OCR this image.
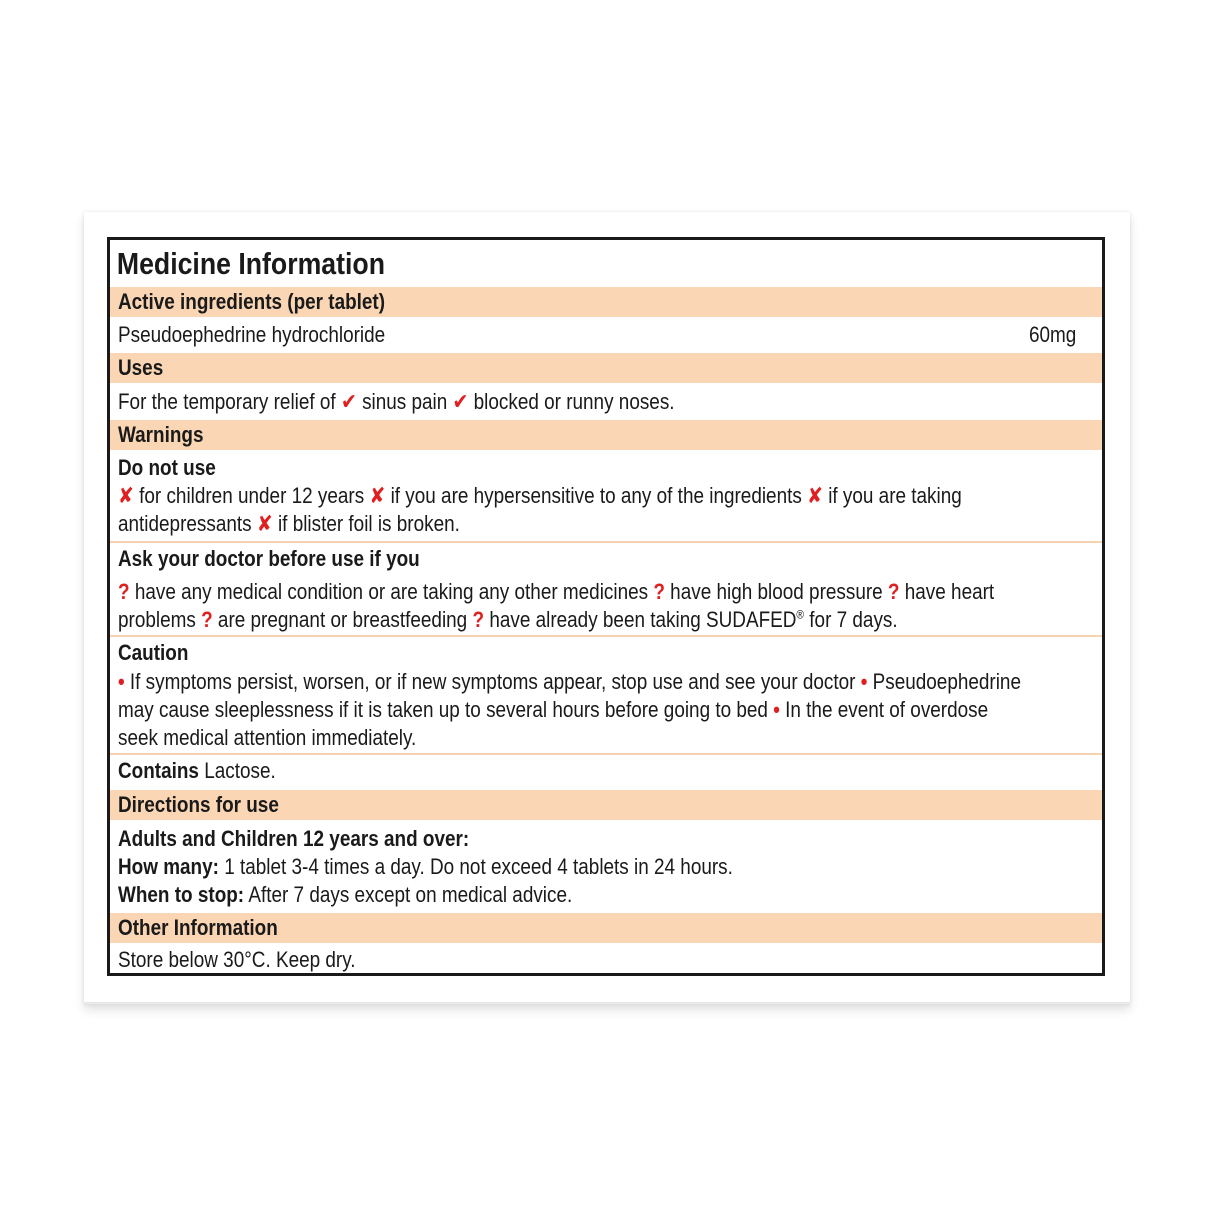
Medicine Information
Active ingredients (per tablet)
Pseudoephedrine hydrochloride	60mg
Uses
For the temporary relief of ✔ sinus pain ✔ blocked or runny noses.
Warnings
Do not use ✘ for children under 12 years ✘ if you are hypersensitive to any of the ingredients ✘ if you are taking antidepressants ✘ if blister foil is broken.
Ask your doctor before use if you ? have any medical condition or are taking any other medicines ? have high blood pressure ? have heart problems ? are pregnant or breastfeeding ? have already been taking SUDAFED® for 7 days.
Caution • If symptoms persist, worsen, or if new symptoms appear, stop use and see your doctor • Pseudoephedrine may cause sleeplessness if it is taken up to several hours before going to bed • In the event of overdose seek medical attention immediately.
Contains Lactose.
Directions for use
Adults and Children 12 years and over: How many: 1 tablet 3-4 times a day. Do not exceed 4 tablets in 24 hours. When to stop: After 7 days except on medical advice.
Other Information
Store below 30°C. Keep dry.
